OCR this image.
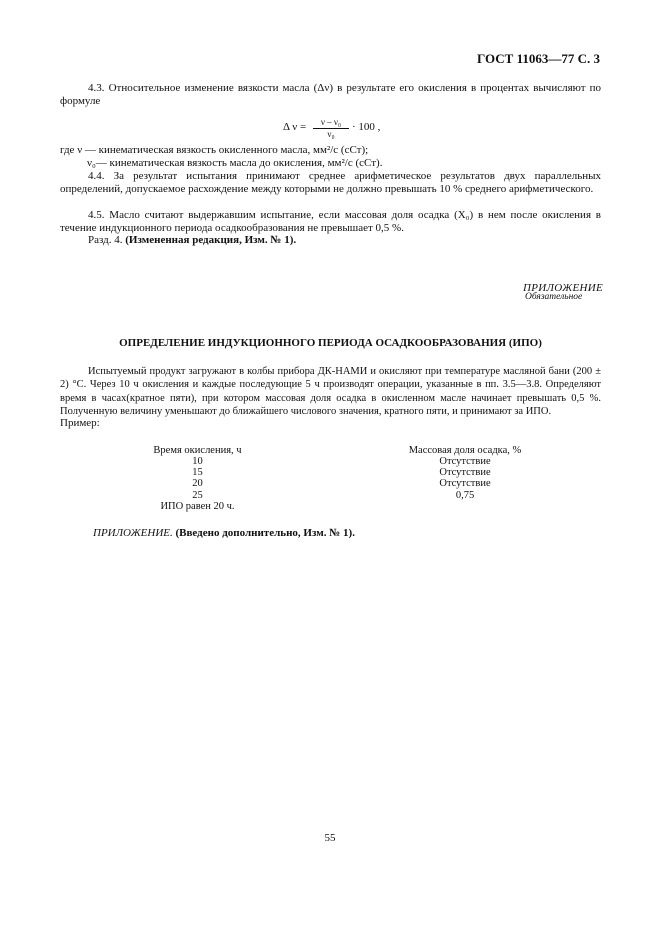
ГОСТ 11063—77 С. 3
4.3. Относительное изменение вязкости масла (Δν) в результате его окисления в процентах вычисляют по формуле
Δ $\nu = \frac{\text{ν – ν₀}}{\text{ν₀}} \cdot 100$ ,
где ν — кинематическая вязкость окисленного масла, мм²/с (сСт);
ν₀— кинематическая вязкость масла до окисления, мм²/с (сСт).
4.4. За результат испытания принимают среднее арифметическое результатов двух параллельных определений, допускаемое расхождение между которыми не должно превышать 10 % среднего арифметического.
4.5. Масло считают выдержавшим испытание, если массовая доля осадка (X₀) в нем после окисления в течение индукционного периода осадкообразования не превышает 0,5 %.
Разд. 4. (Измененная редакция, Изм. № 1).
ПРИЛОЖЕНИЕ
Обязательное
ОПРЕДЕЛЕНИЕ ИНДУКЦИОННОГО ПЕРИОДА ОСАДКООБРАЗОВАНИЯ (ИПО)
Испытуемый продукт загружают в колбы прибора ДК-НАМИ и окисляют при температуре масляной бани (200 ± 2) °С. Через 10 ч окисления и каждые последующие 5 ч производят операции, указанные в пп. 3.5—3.8. Определяют время в часах(кратное пяти), при котором массовая доля осадка в окисленном масле начинает превышать 0,5 %. Полученную величину уменьшают до ближайшего числового значения, кратного пяти, и принимают за ИПО.
Пример:
Время окисления, ч	Массовая доля осадка, %
10	Отсутствие
15	Отсутствие
20	Отсутствие
25	0,75
ИПО равен 20 ч.
ПРИЛОЖЕНИЕ. (Введено дополнительно, Изм. № 1).
55
